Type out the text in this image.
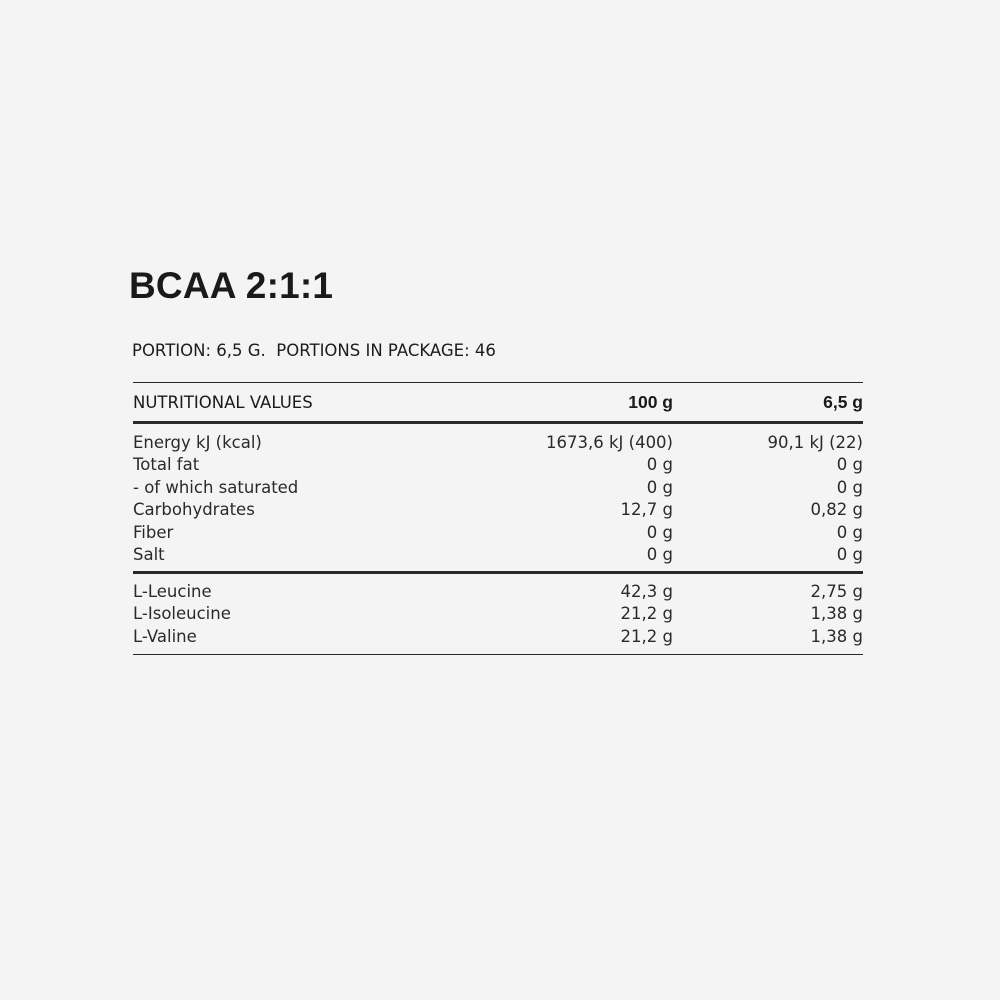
BCAA 2:1:1

PORTION: 6,5 G.  PORTIONS IN PACKAGE: 46

NUTRITIONAL VALUES	100 g	6,5 g
Energy kJ (kcal)	1673,6 kJ (400)	90,1 kJ (22)
Total fat	0 g	0 g
- of which saturated	0 g	0 g
Carbohydrates	12,7 g	0,82 g
Fiber	0 g	0 g
Salt	0 g	0 g
L-Leucine	42,3 g	2,75 g
L-Isoleucine	21,2 g	1,38 g
L-Valine	21,2 g	1,38 g
